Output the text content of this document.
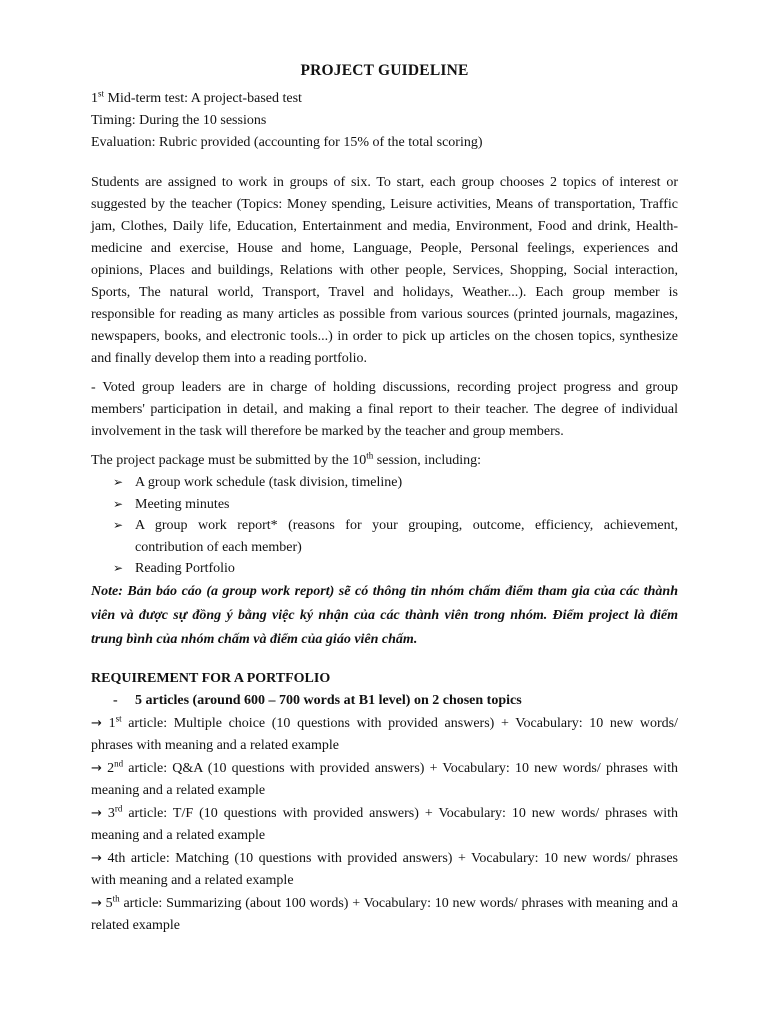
PROJECT GUIDELINE
1st Mid-term test: A project-based test
Timing: During the 10 sessions
Evaluation: Rubric provided (accounting for 15% of the total scoring)
Students are assigned to work in groups of six. To start, each group chooses 2 topics of interest or suggested by the teacher (Topics: Money spending, Leisure activities, Means of transportation, Traffic jam, Clothes, Daily life, Education, Entertainment and media, Environment, Food and drink, Health-medicine and exercise, House and home, Language, People, Personal feelings, experiences and opinions, Places and buildings, Relations with other people, Services, Shopping, Social interaction, Sports, The natural world, Transport, Travel and holidays, Weather...). Each group member is responsible for reading as many articles as possible from various sources (printed journals, magazines, newspapers, books, and electronic tools...) in order to pick up articles on the chosen topics, synthesize and finally develop them into a reading portfolio.
- Voted group leaders are in charge of holding discussions, recording project progress and group members' participation in detail, and making a final report to their teacher. The degree of individual involvement in the task will therefore be marked by the teacher and group members.
The project package must be submitted by the 10th session, including:
➢ A group work schedule (task division, timeline)
➢ Meeting minutes
➢ A group work report* (reasons for your grouping, outcome, efficiency, achievement, contribution of each member)
➢ Reading Portfolio
Note: Bản báo cáo (a group work report) sẽ có thông tin nhóm chấm điểm tham gia của các thành viên và được sự đồng ý bằng việc ký nhận của các thành viên trong nhóm. Điểm project là điểm trung bình của nhóm chấm và điểm của giáo viên chấm.
REQUIREMENT FOR A PORTFOLIO
- 5 articles (around 600 – 700 words at B1 level) on 2 chosen topics
→ 1st article: Multiple choice (10 questions with provided answers) + Vocabulary: 10 new words/ phrases with meaning and a related example
→ 2nd article: Q&A (10 questions with provided answers) + Vocabulary: 10 new words/ phrases with meaning and a related example
→ 3rd article: T/F (10 questions with provided answers) + Vocabulary: 10 new words/ phrases with meaning and a related example
→ 4th article: Matching (10 questions with provided answers) + Vocabulary: 10 new words/ phrases with meaning and a related example
→ 5th article: Summarizing (about 100 words) + Vocabulary: 10 new words/ phrases with meaning and a related example
